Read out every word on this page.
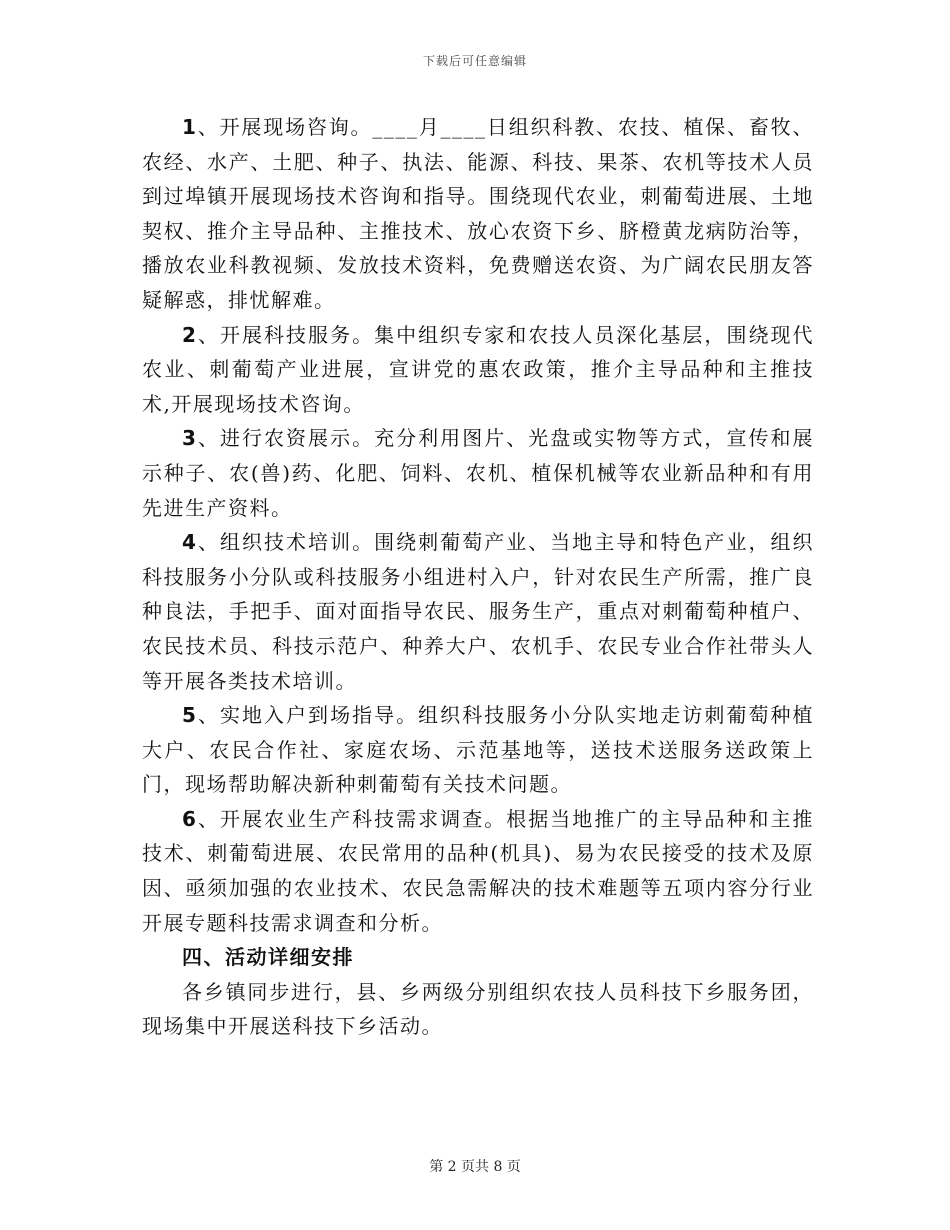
下载后可任意编辑

1、开展现场咨询。____月____日组织科教、农技、植保、畜牧、农经、水产、土肥、种子、执法、能源、科技、果茶、农机等技术人员到过埠镇开展现场技术咨询和指导。围绕现代农业，刺葡萄进展、土地契权、推介主导品种、主推技术、放心农资下乡、脐橙黄龙病防治等，播放农业科教视频、发放技术资料，免费赠送农资、为广阔农民朋友答疑解惑，排忧解难。

2、开展科技服务。集中组织专家和农技人员深化基层，围绕现代农业、刺葡萄产业进展，宣讲党的惠农政策，推介主导品种和主推技术,开展现场技术咨询。

3、进行农资展示。充分利用图片、光盘或实物等方式，宣传和展示种子、农(兽)药、化肥、饲料、农机、植保机械等农业新品种和有用先进生产资料。

4、组织技术培训。围绕刺葡萄产业、当地主导和特色产业，组织科技服务小分队或科技服务小组进村入户，针对农民生产所需，推广良种良法，手把手、面对面指导农民、服务生产，重点对刺葡萄种植户、农民技术员、科技示范户、种养大户、农机手、农民专业合作社带头人等开展各类技术培训。

5、实地入户到场指导。组织科技服务小分队实地走访刺葡萄种植大户、农民合作社、家庭农场、示范基地等，送技术送服务送政策上门，现场帮助解决新种刺葡萄有关技术问题。

6、开展农业生产科技需求调查。根据当地推广的主导品种和主推技术、刺葡萄进展、农民常用的品种(机具)、易为农民接受的技术及原因、亟须加强的农业技术、农民急需解决的技术难题等五项内容分行业开展专题科技需求调查和分析。

四、活动详细安排

各乡镇同步进行，县、乡两级分别组织农技人员科技下乡服务团，现场集中开展送科技下乡活动。

第 2 页共 8 页
